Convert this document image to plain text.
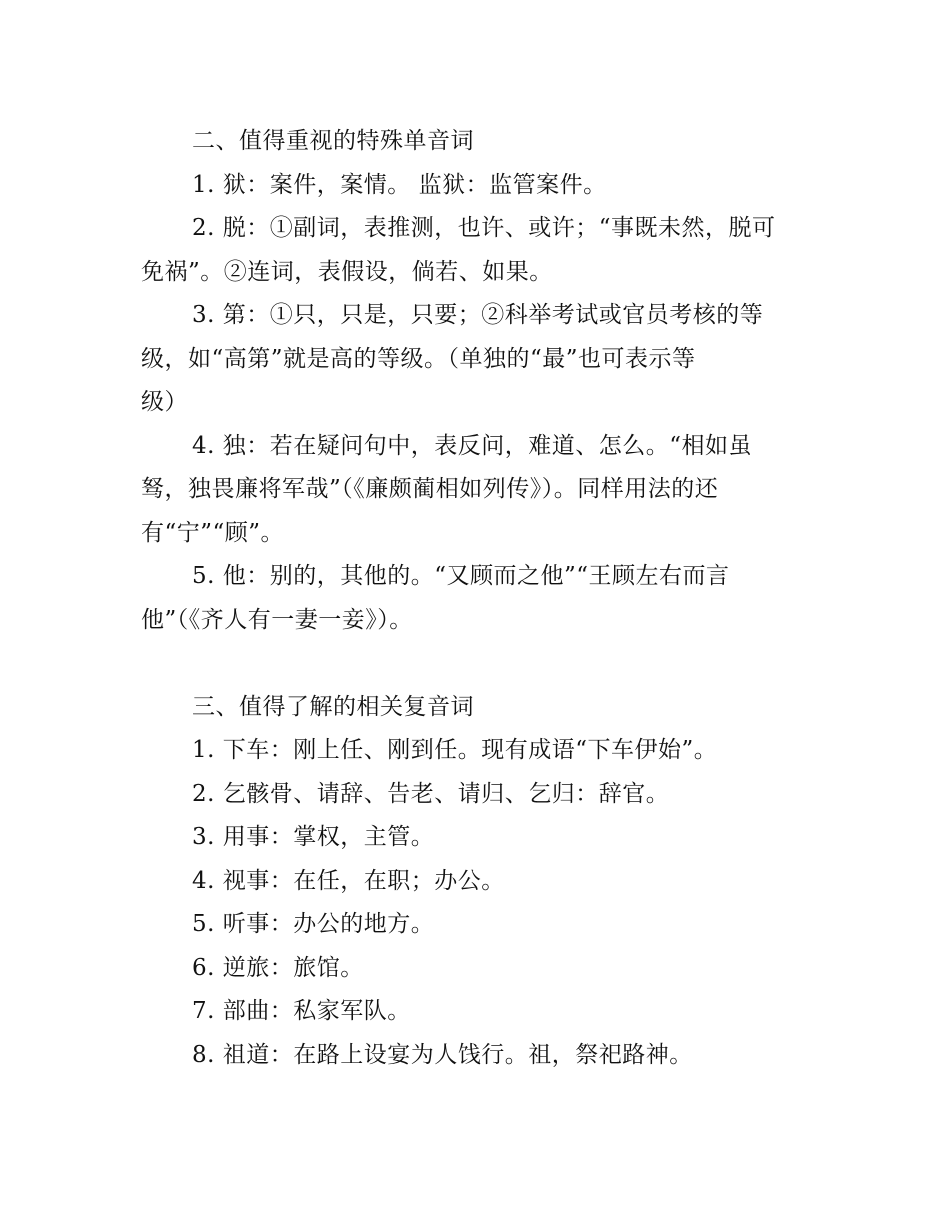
二、值得重视的特殊单音词
1. 狱：案件，案情。 监狱：监管案件。
2. 脱：①副词，表推测，也许、或许；“事既未然，脱可
免祸”。②连词，表假设，倘若、如果。
3. 第：①只，只是，只要；②科举考试或官员考核的等
级，如“高第”就是高的等级。（单独的“最”也可表示等
级）
4. 独：若在疑问句中，表反问，难道、怎么。“相如虽
驽，独畏廉将军哉”（《廉颇蔺相如列传》）。同样用法的还
有“宁”“顾”。
5. 他：别的，其他的。“又顾而之他”“王顾左右而言
他”（《齐人有一妻一妾》）。
三、值得了解的相关复音词
1. 下车：刚上任、刚到任。现有成语“下车伊始”。
2. 乞骸骨、请辞、告老、请归、乞归：辞官。
3. 用事：掌权，主管。
4. 视事：在任，在职；办公。
5. 听事：办公的地方。
6. 逆旅：旅馆。
7. 部曲：私家军队。
8. 祖道：在路上设宴为人饯行。祖，祭祀路神。
